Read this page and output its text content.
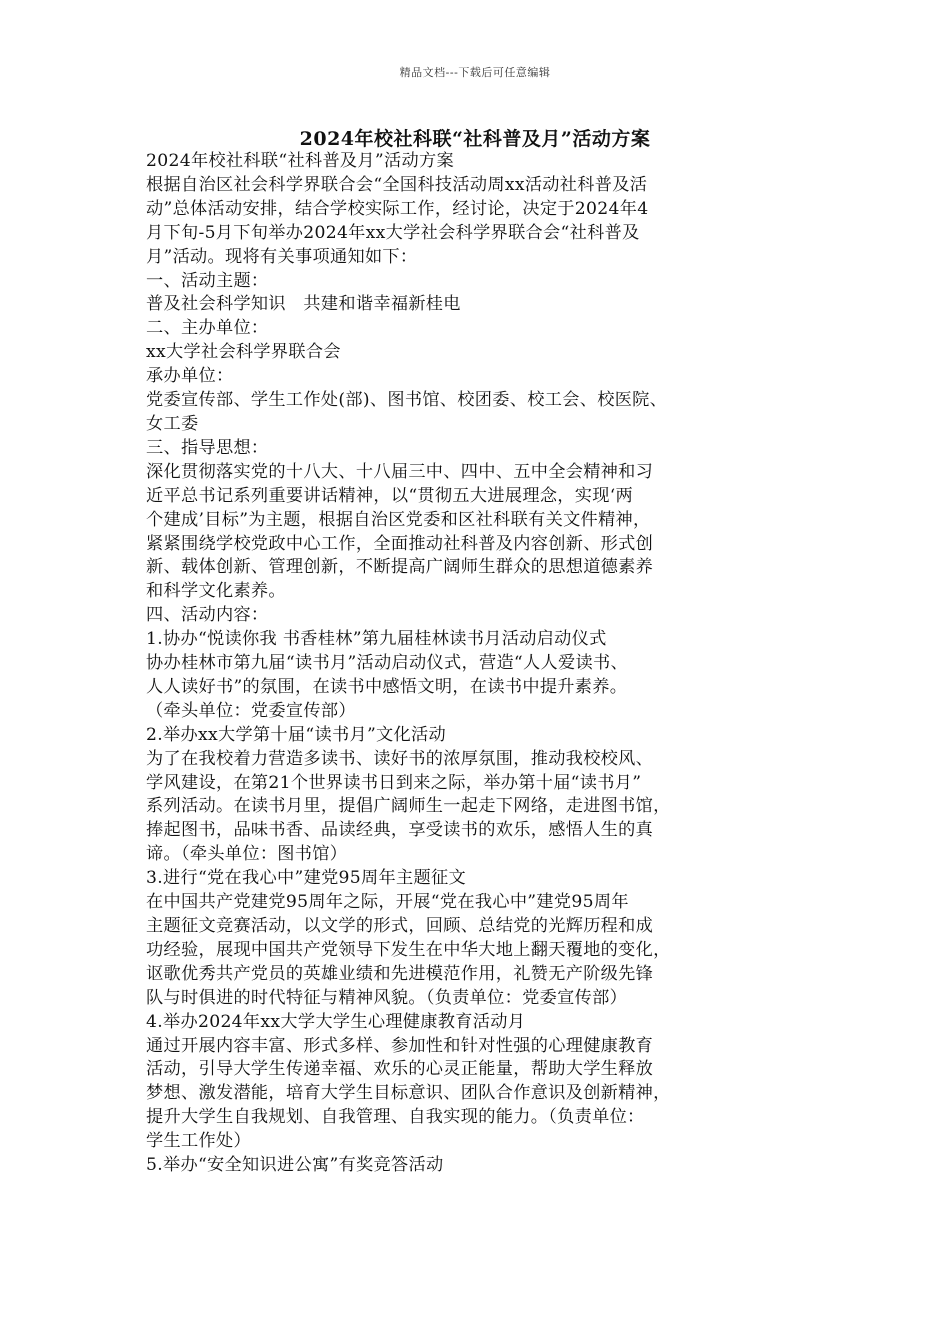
精品文档---下载后可任意编辑
2024年校社科联“社科普及月”活动方案
2024年校社科联“社科普及月”活动方案
根据自治区社会科学界联合会“全国科技活动周xx活动社科普及活
动”总体活动安排，结合学校实际工作，经讨论，决定于2024年4
月下旬-5月下旬举办2024年xx大学社会科学界联合会“社科普及
月”活动。现将有关事项通知如下：
一、活动主题：
普及社会科学知识　共建和谐幸福新桂电
二、主办单位：
xx大学社会科学界联合会
承办单位：
党委宣传部、学生工作处(部)、图书馆、校团委、校工会、校医院、
女工委
三、指导思想：
深化贯彻落实党的十八大、十八届三中、四中、五中全会精神和习
近平总书记系列重要讲话精神，以“贯彻五大进展理念，实现‘两
个建成’目标”为主题，根据自治区党委和区社科联有关文件精神，
紧紧围绕学校党政中心工作，全面推动社科普及内容创新、形式创
新、载体创新、管理创新，不断提高广阔师生群众的思想道德素养
和科学文化素养。
四、活动内容：
1.协办“悦读你我 书香桂林”第九届桂林读书月活动启动仪式
协办桂林市第九届“读书月”活动启动仪式，营造“人人爱读书、
人人读好书”的氛围，在读书中感悟文明，在读书中提升素养。
（牵头单位：党委宣传部）
2.举办xx大学第十届“读书月”文化活动
为了在我校着力营造多读书、读好书的浓厚氛围，推动我校校风、
学风建设，在第21个世界读书日到来之际，举办第十届“读书月”
系列活动。在读书月里，提倡广阔师生一起走下网络，走进图书馆，
捧起图书，品味书香、品读经典，享受读书的欢乐，感悟人生的真
谛。（牵头单位：图书馆）
3.进行“党在我心中”建党95周年主题征文
在中国共产党建党95周年之际，开展“党在我心中”建党95周年
主题征文竞赛活动，以文学的形式，回顾、总结党的光辉历程和成
功经验，展现中国共产党领导下发生在中华大地上翻天覆地的变化，
讴歌优秀共产党员的英雄业绩和先进模范作用，礼赞无产阶级先锋
队与时俱进的时代特征与精神风貌。（负责单位：党委宣传部）
4.举办2024年xx大学大学生心理健康教育活动月
通过开展内容丰富、形式多样、参加性和针对性强的心理健康教育
活动，引导大学生传递幸福、欢乐的心灵正能量，帮助大学生释放
梦想、激发潜能，培育大学生目标意识、团队合作意识及创新精神，
提升大学生自我规划、自我管理、自我实现的能力。（负责单位：
学生工作处）
5.举办“安全知识进公寓”有奖竞答活动
